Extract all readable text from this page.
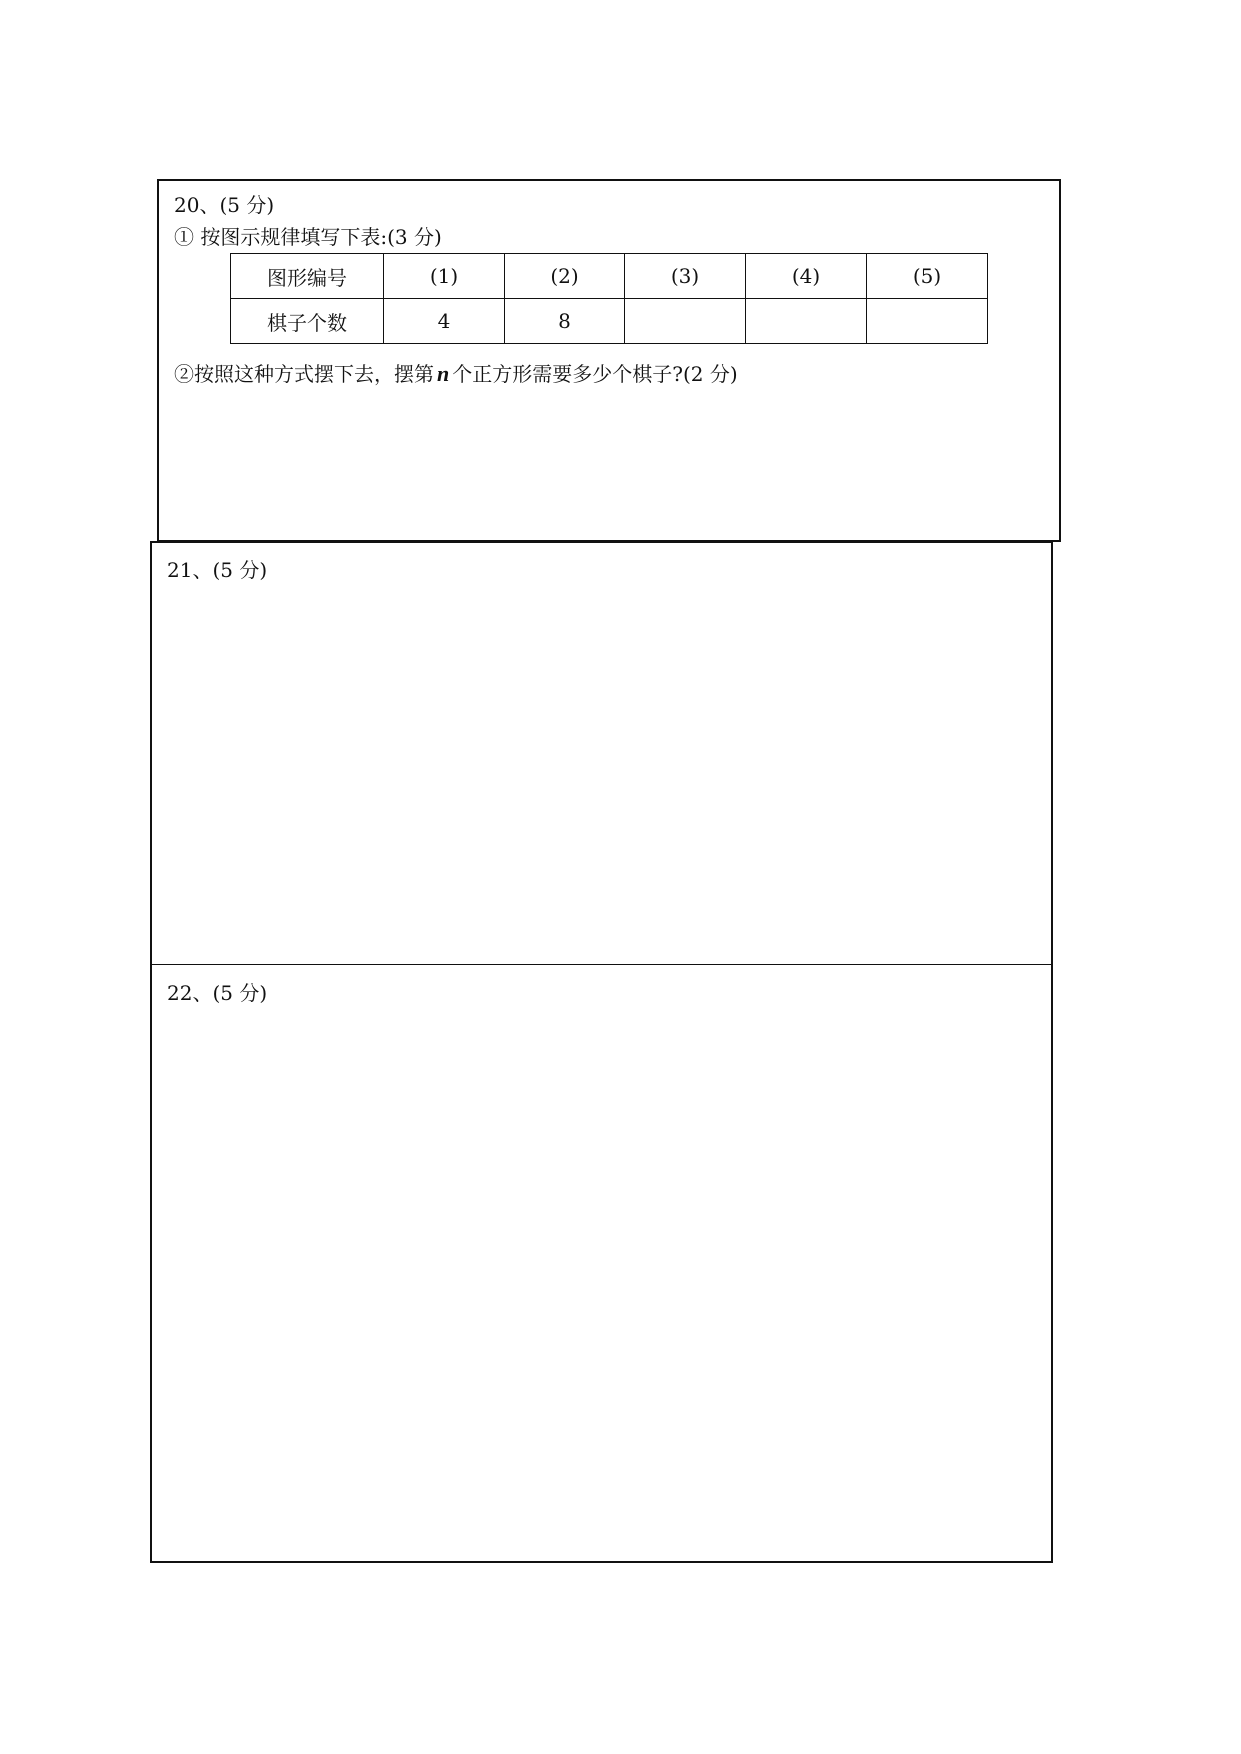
20、(5 分)
① 按图示规律填写下表:(3 分)
图形编号	(1)	(2)	(3)	(4)	(5)
棋子个数	4	8			
②按照这种方式摆下去，摆第 n 个正方形需要多少个棋子?(2 分)
21、(5 分)
22、(5 分)
